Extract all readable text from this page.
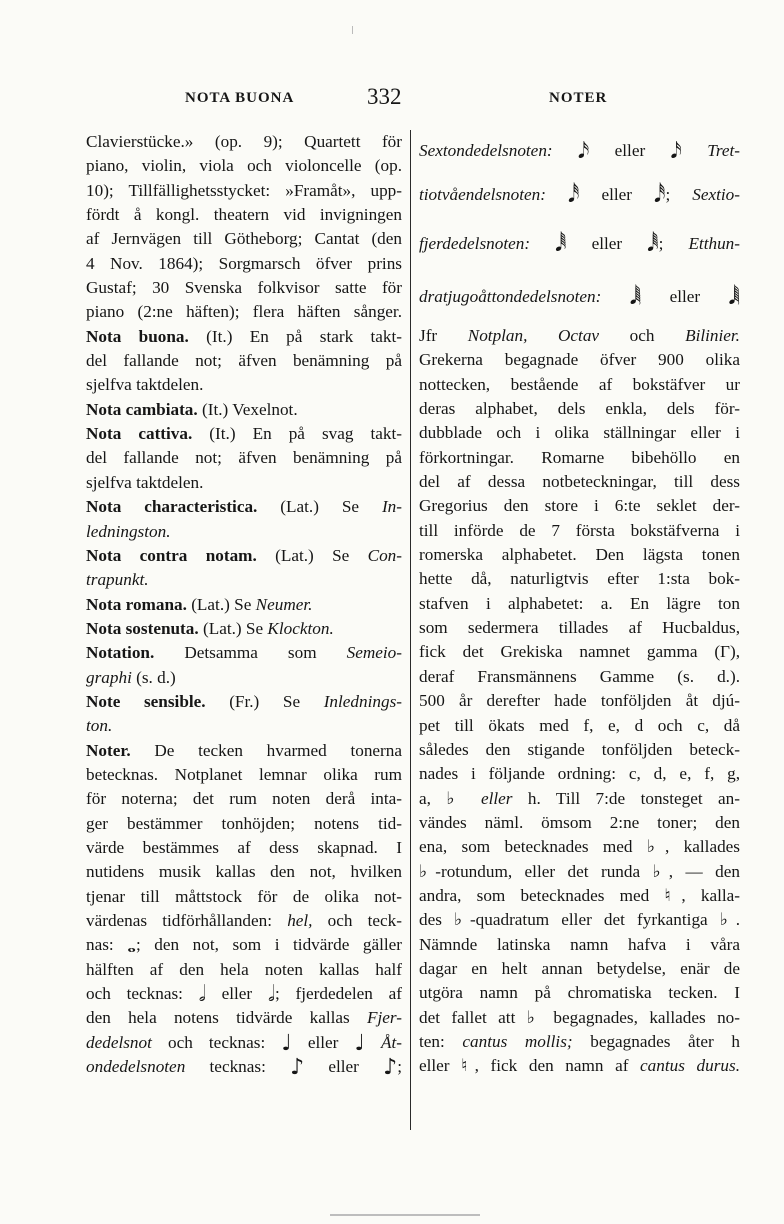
NOTA BUONA	332	NOTER
Clavierstücke.» (op. 9); Quartett för
piano, violin, viola och violoncelle (op.
10); Tillfällighetsstycket: »Framåt», upp-
fördt å kongl. theatern vid invigningen
af Jernvägen till Götheborg; Cantat (den
4 Nov. 1864); Sorgmarsch öfver prins
Gustaf; 30 Svenska folkvisor satte för
piano (2:ne häften); flera häften sånger.
Nota buona. (It.) En på stark takt-
del fallande not; äfven benämning på
sjelfva taktdelen.
Nota cambiata. (It.) Vexelnot.
Nota cattiva. (It.) En på svag takt-
del fallande not; äfven benämning på
sjelfva taktdelen.
Nota characteristica. (Lat.) Se In-
ledningston.
Nota contra notam. (Lat.) Se Con-
trapunkt.
Nota romana. (Lat.) Se Neumer.
Nota sostenuta. (Lat.) Se Klockton.
Notation. Detsamma som Semeio-
graphi (s. d.)
Note sensible. (Fr.) Se Inlednings-
ton.
Noter. De tecken hvarmed tonerna
betecknas. Notplanet lemnar olika rum
för noterna; det rum noten derå inta-
ger bestämmer tonhöjden; notens tid-
värde bestämmes af dess skapnad. I
nutidens musik kallas den not, hvilken
tjenar till måttstock för de olika not-
värdenas tidförhållanden: hel, och teck-
nas: 𝅝; den not, som i tidvärde gäller
hälften af den hela noten kallas half
och tecknas: 𝅗𝅥 eller 𝅗𝅥; fjerdedelen af
den hela notens tidvärde kallas Fjer-
dedelsnot och tecknas: ♩ eller ♩ Åt-
ondedelsnoten tecknas: ♪ eller ♪;
Sextondedelsnoten: 𝅘𝅥𝅯 eller 𝅘𝅥𝅯 Tret-
tiotvåendelsnoten: 𝅘𝅥𝅰 eller 𝅘𝅥𝅰; Sextio-
fjerdedelsnoten: 𝅘𝅥𝅱 eller 𝅘𝅥𝅱; Etthun-
dratjugoåttondedelsnoten: 𝅘𝅥𝅲 eller 𝅘𝅥𝅲
Jfr Notplan, Octav och Bilinier.
Grekerna begagnade öfver 900 olika
nottecken, bestående af bokstäfver ur
deras alphabet, dels enkla, dels för-
dubblade och i olika ställningar eller i
förkortningar. Romarne bibehöllo en
del af dessa notbeteckningar, till dess
Gregorius den store i 6:te seklet der-
till införde de 7 första bokstäfverna i
romerska alphabetet. Den lägsta tonen
hette då, naturligtvis efter 1:sta bok-
stafven i alphabetet: a. En lägre ton
som sedermera tillades af Hucbaldus,
fick det Grekiska namnet gamma (Γ),
deraf Fransmännens Gamme (s. d.).
500 år derefter hade tonföljden åt djú-
pet till ökats med f, e, d och c, då
således den stigande tonföljden beteck-
nades i följande ordning: c, d, e, f, g,
a, ♭ eller h. Till 7:de tonsteget an-
vändes näml. ömsom 2:ne toner; den
ena, som betecknades med ♭, kallades
♭-rotundum, eller det runda ♭, — den
andra, som betecknades med ♮, kalla-
des ♭-quadratum eller det fyrkantiga ♭.
Nämnde latinska namn hafva i våra
dagar en helt annan betydelse, enär de
utgöra namn på chromatiska tecken. I
det fallet att ♭ begagnades, kallades no-
ten: cantus mollis; begagnades åter h
eller ♮, fick den namn af cantus durus.
